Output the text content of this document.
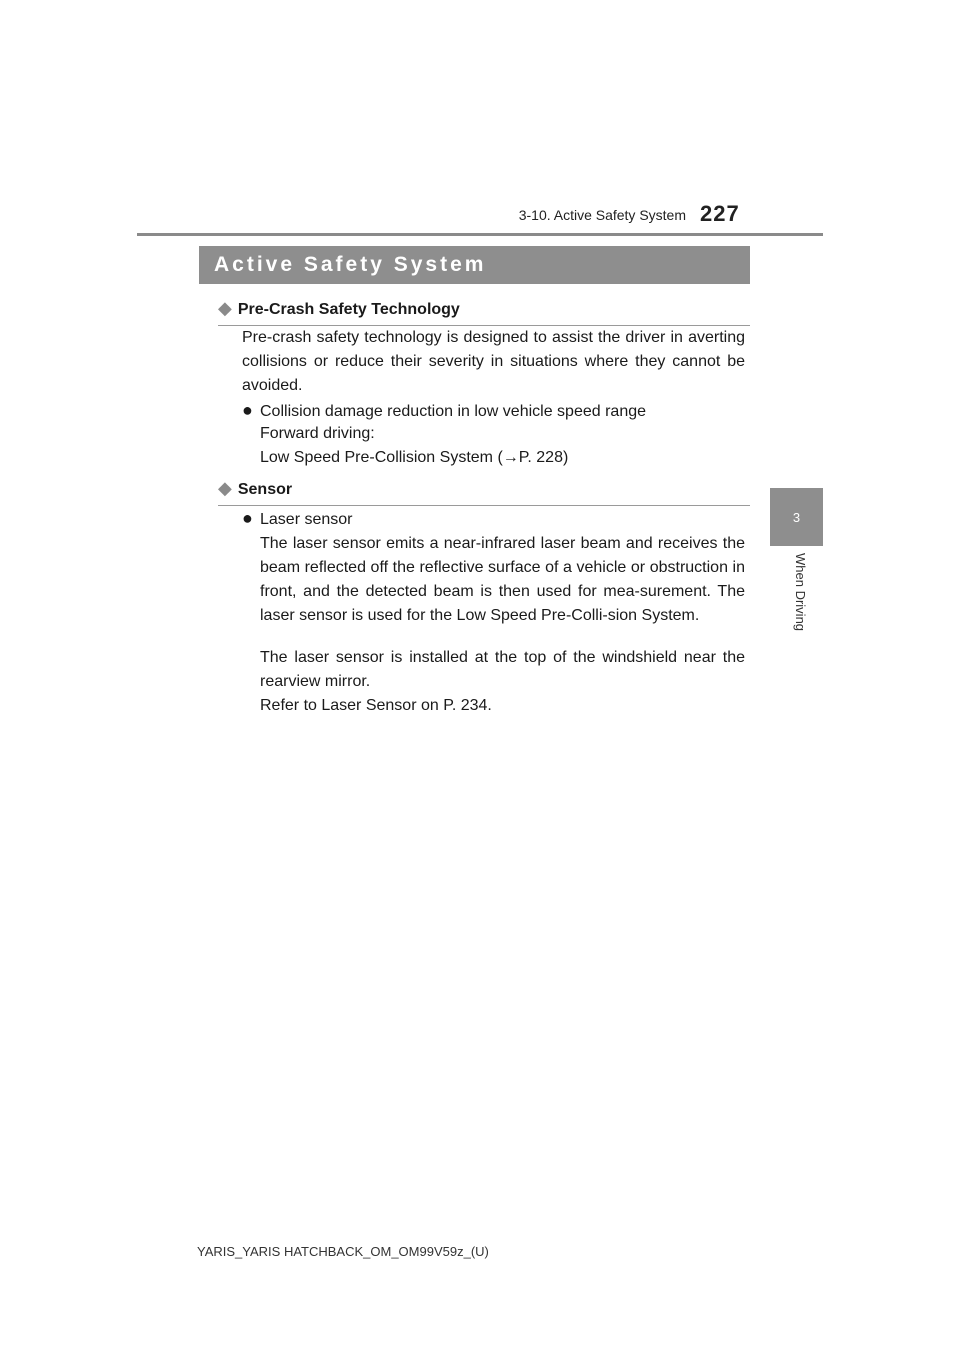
3-10. Active Safety System 227
3
When Driving
Active Safety System
◆ Pre-Crash Safety Technology
Pre-crash safety technology is designed to assist the driver in averting collisions or reduce their severity in situations where they cannot be avoided.
● Collision damage reduction in low vehicle speed range
Forward driving:
Low Speed Pre-Collision System (→P. 228)
◆ Sensor
● Laser sensor
The laser sensor emits a near-infrared laser beam and receives the beam reflected off the reflective surface of a vehicle or obstruction in front, and the detected beam is then used for mea-surement. The laser sensor is used for the Low Speed Pre-Colli-sion System.
The laser sensor is installed at the top of the windshield near the rearview mirror.
Refer to Laser Sensor on P. 234.
YARIS_YARIS HATCHBACK_OM_OM99V59z_(U)
